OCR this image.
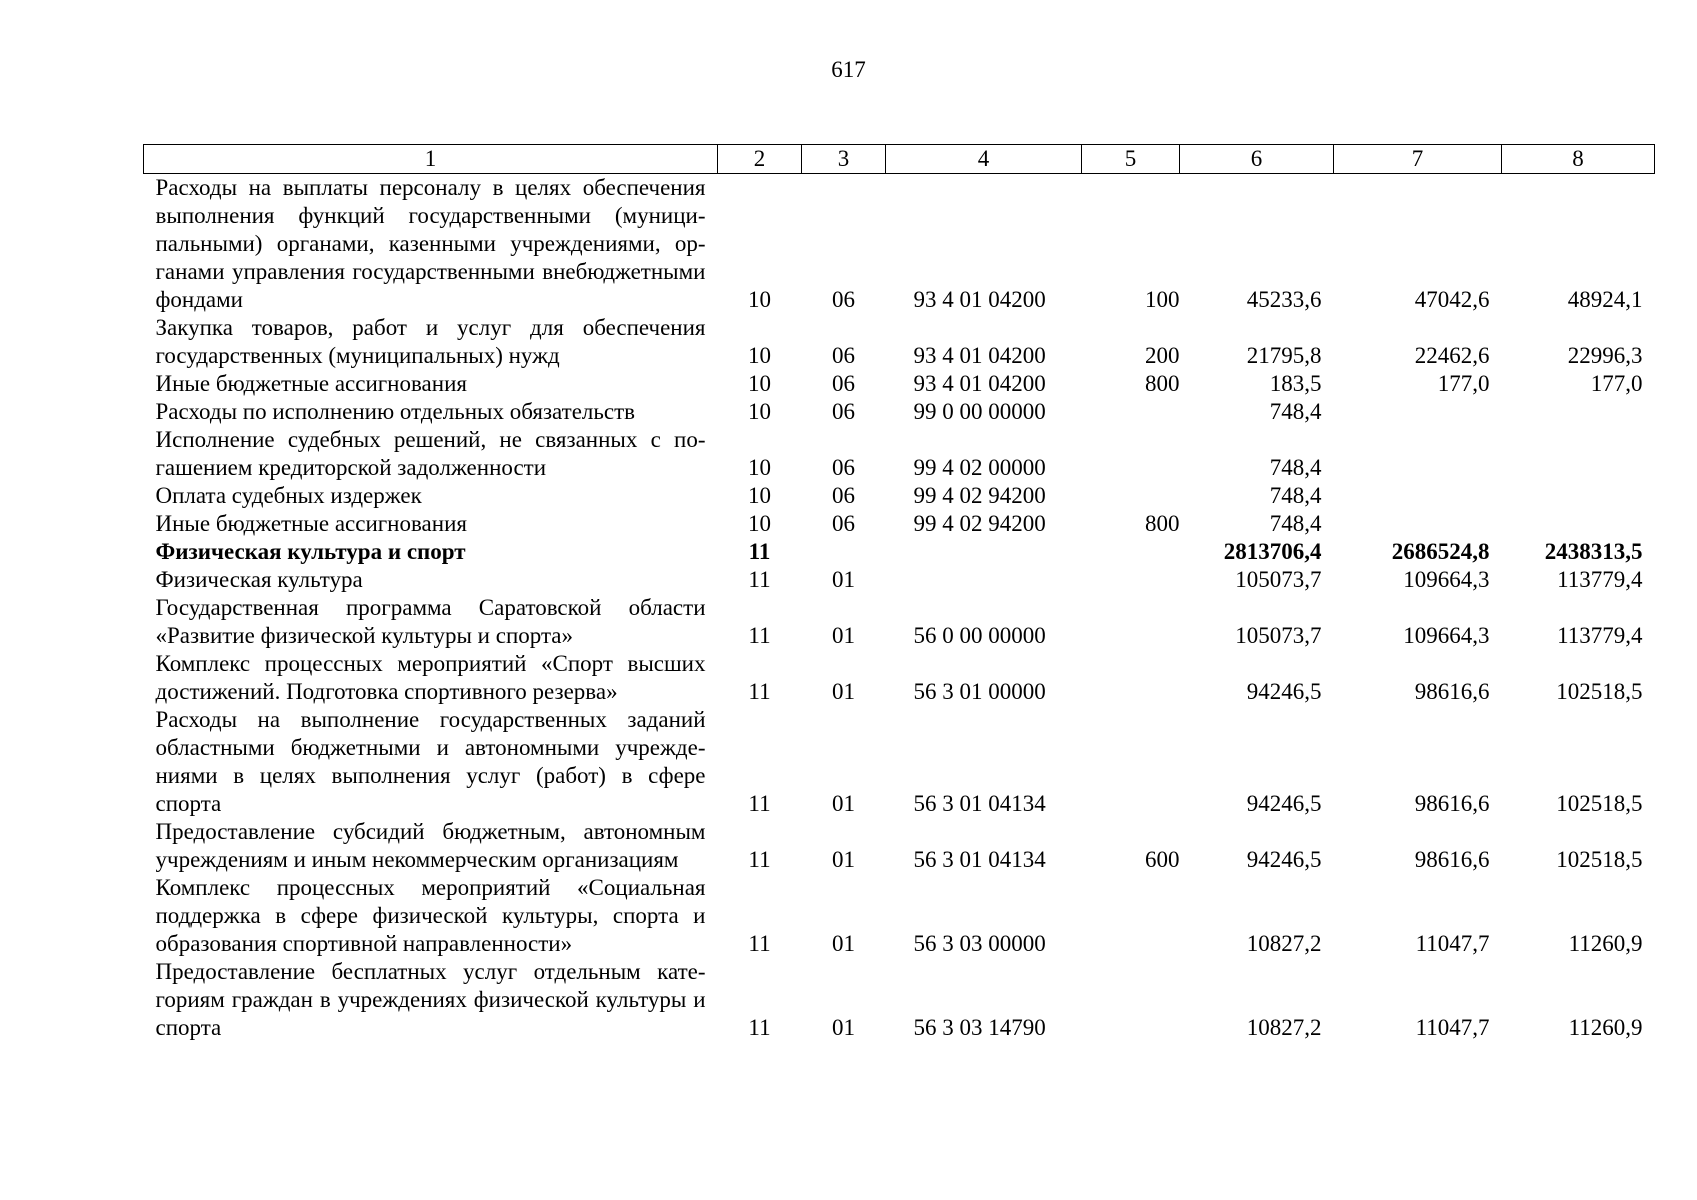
617
1	2	3	4	5	6	7	8
Расходы на выплаты персоналу в целях обеспечения выполнения функций государственными (муниципальными) органами, казенными учреждениями, органами управления государственными внебюджетными фондами	10	06	93 4 01 04200	100	45233,6	47042,6	48924,1
Закупка товаров, работ и услуг для обеспечения государственных (муниципальных) нужд	10	06	93 4 01 04200	200	21795,8	22462,6	22996,3
Иные бюджетные ассигнования	10	06	93 4 01 04200	800	183,5	177,0	177,0
Расходы по исполнению отдельных обязательств	10	06	99 0 00 00000		748,4		
Исполнение судебных решений, не связанных с погашением кредиторской задолженности	10	06	99 4 02 00000		748,4		
Оплата судебных издержек	10	06	99 4 02 94200		748,4		
Иные бюджетные ассигнования	10	06	99 4 02 94200	800	748,4		
Физическая культура и спорт	11				2813706,4	2686524,8	2438313,5
Физическая культура	11	01			105073,7	109664,3	113779,4
Государственная программа Саратовской области «Развитие физической культуры и спорта»	11	01	56 0 00 00000		105073,7	109664,3	113779,4
Комплекс процессных мероприятий «Спорт высших достижений. Подготовка спортивного резерва»	11	01	56 3 01 00000		94246,5	98616,6	102518,5
Расходы на выполнение государственных заданий областными бюджетными и автономными учреждениями в целях выполнения услуг (работ) в сфере спорта	11	01	56 3 01 04134		94246,5	98616,6	102518,5
Предоставление субсидий бюджетным, автономным учреждениям и иным некоммерческим организациям	11	01	56 3 01 04134	600	94246,5	98616,6	102518,5
Комплекс процессных мероприятий «Социальная поддержка в сфере физической культуры, спорта и образования спортивной направленности»	11	01	56 3 03 00000		10827,2	11047,7	11260,9
Предоставление бесплатных услуг отдельным категориям граждан в учреждениях физической культуры и спорта	11	01	56 3 03 14790		10827,2	11047,7	11260,9
